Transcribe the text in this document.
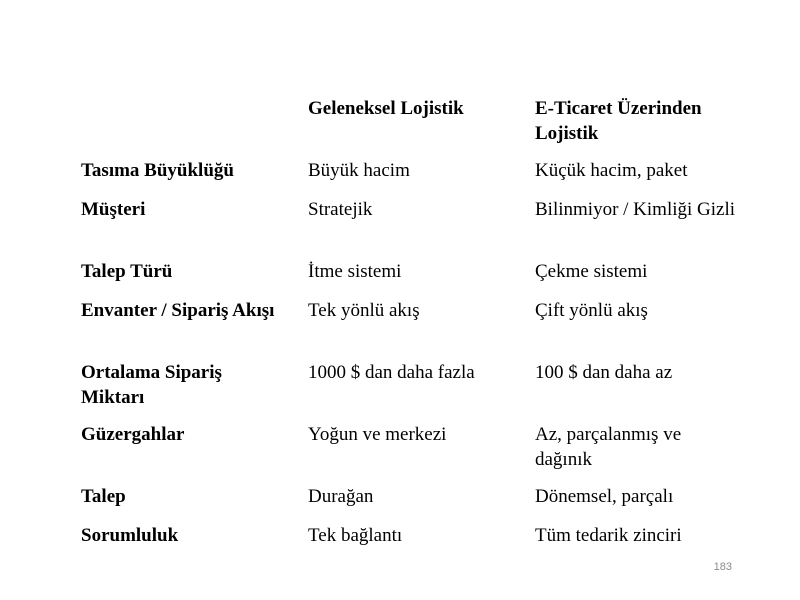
	Geleneksel Lojistik	E-Ticaret Üzerinden Lojistik
Tasıma Büyüklüğü	Büyük hacim	Küçük hacim, paket
Müşteri	Stratejik	Bilinmiyor / Kimliği Gizli
Talep Türü	İtme sistemi	Çekme sistemi
Envanter / Sipariş Akışı	Tek yönlü akış	Çift yönlü akış
Ortalama Sipariş Miktarı	1000 $ dan daha fazla	100 $ dan daha az
Güzergahlar	Yoğun ve merkezi	Az, parçalanmış ve dağınık
Talep	Durağan	Dönemsel, parçalı
Sorumluluk	Tek bağlantı	Tüm tedarik zinciri
183
